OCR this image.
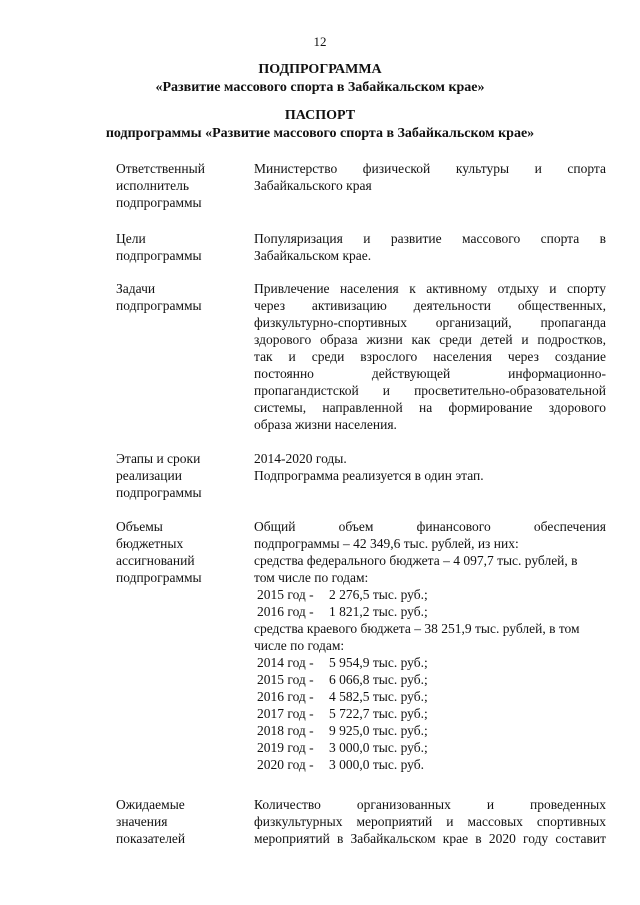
12
ПОДПРОГРАММА
«Развитие массового спорта в Забайкальском крае»
ПАСПОРТ
подпрограммы «Развитие массового спорта в Забайкальском крае»
Ответственный
исполнитель
подпрограммы
Министерство физической культуры и спорта
Забайкальского края
Цели
подпрограммы
Популяризация и развитие массового спорта в
Забайкальском крае.
Задачи
подпрограммы
Привлечение населения к активному отдыху и спорту
через активизацию деятельности общественных,
физкультурно-спортивных организаций, пропаганда
здорового образа жизни как среди детей и подростков,
так и среди взрослого населения через создание
постоянно действующей информационно-
пропагандистской и просветительно-образовательной
системы, направленной на формирование здорового
образа жизни населения.
Этапы и сроки
реализации
подпрограммы
2014-2020 годы.
Подпрограмма реализуется в один этап.
Объемы
бюджетных
ассигнований
подпрограммы
Общий объем финансового обеспечения
подпрограммы – 42 349,6 тыс. рублей, из них:
средства федерального бюджета – 4 097,7 тыс. рублей, в
том числе по годам:
2015 год - 2 276,5 тыс. руб.;
2016 год - 1 821,2 тыс. руб.;
средства краевого бюджета – 38 251,9 тыс. рублей, в том
числе по годам:
2014 год - 5 954,9 тыс. руб.;
2015 год - 6 066,8 тыс. руб.;
2016 год - 4 582,5 тыс. руб.;
2017 год - 5 722,7 тыс. руб.;
2018 год - 9 925,0 тыс. руб.;
2019 год - 3 000,0 тыс. руб.;
2020 год - 3 000,0 тыс. руб.
Ожидаемые
значения
показателей
Количество организованных и проведенных
физкультурных мероприятий и массовых спортивных
мероприятий в Забайкальском крае в 2020 году составит
